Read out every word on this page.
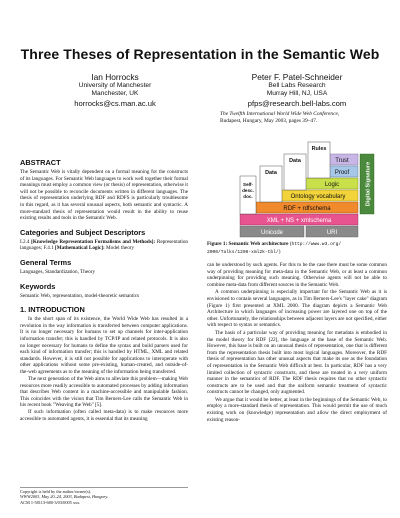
Three Theses of Representation in the Semantic Web
Ian Horrocks
University of Manchester
Manchester, UK
horrocks@cs.man.ac.uk
Peter F. Patel-Schneider
Bell Labs Research
Murray Hill, NJ, USA
pfps@research.bell-labs.com
The Twelfth International World Wide Web Conference,
Budapest, Hungary, May 2003, pages 39–47.
ABSTRACT

The Semantic Web is vitally dependent on a formal meaning for the constructs of its languages. For Semantic Web languages to work well together their formal meanings must employ a common view (or thesis) of representation, otherwise it will not be possible to reconcile documents written in different languages. The thesis of representation underlying RDF and RDFS is particularly troublesome in this regard, as it has several unusual aspects, both semantic and syntactic. A more-standard thesis of representation would result in the ability to reuse existing results and tools in the Semantic Web.

Categories and Subject Descriptors

I.2.4 [Knowledge Representation Formalisms and Methods]: Representation languages; F.4.1 [Mathematical Logic]: Model theory

General Terms

Languages, Standardization, Theory

Keywords

Semantic Web, representation, model-theoretic semantics

1. INTRODUCTION

In the short span of its existence, the World Wide Web has resulted in a revolution in the way information is transferred between computer applications. It is no longer necessary for humans to set up channels for inter-application information transfer; this is handled by TCP/IP and related protocols. It is also no longer necessary for humans to define the syntax and build parsers used for each kind of information transfer; this is handled by HTML, XML and related standards. However, it is still not possible for applications to interoperate with other applications without some pre-existing, human-created, and outside-of-the-web agreements as to the meaning of the information being transferred.

The next generation of the Web aims to alleviate this problem—making Web resources more readily accessible to automated processes by adding information that describes Web content in a machine-accessible and manipulable fashion. This coincides with the vision that Tim Berners-Lee calls the Semantic Web in his recent book "Weaving the Web" [5].

If such information (often called meta-data) is to make resources more accessible to automated agents, it is essential that its meaning

Copyright is held by the author/owner(s).
WWW2003, May 20–24, 2003, Budapest, Hungary.
ACM 1-58113-680-3/03/0005 xxx.
Unicode	URI
XML + NS + xmlschema
RDF + rdfschema
Ontology vocabulary
Logic
Proof
Trust
Rules
Data
Data
Self-
desc.
doc.	Digital Signature
Figure 1: Semantic Web architecture (http://www.w3.org/
2000/Talks/1206-xml2k-tbl/)

can be understood by such agents. For this to be the case there must be some common way of providing meaning for meta-data in the Semantic Web, or at least a common underpinning for providing such meaning. Otherwise agents will not be able to combine meta-data from different sources in the Semantic Web.

A common underpinning is especially important for the Semantic Web as it is envisioned to contain several languages, as in Tim Berners-Lee's "layer cake" diagram (Figure 1) first presented at XML 2000. The diagram depicts a Semantic Web Architecture in which languages of increasing power are layered one on top of the other. Unfortunately, the relationships between adjacent layers are not specified, either with respect to syntax or semantics.

The basis of a particular way of providing meaning for metadata is embodied in the model theory for RDF [22], the language at the base of the Semantic Web. However, this base is built on an unusual thesis of representation, one that is different from the representation thesis built into most logical languages. Moreover, the RDF thesis of representation has other unusual aspects that make its use as the foundation of representation in the Semantic Web difficult at best. In particular, RDF has a very limited collection of syntactic constructs, and these are treated in a very uniform manner in the semantics of RDF. The RDF thesis requires that no other syntactic constructs are to be used and that the uniform semantic treatment of syntactic constructs cannot be changed, only augmented.

We argue that it would be better, at least in the beginnings of the Semantic Web, to employ a more-standard thesis of representation. This would permit the use of much existing work on (knowledge) representation and allow the direct employment of existing reason-
